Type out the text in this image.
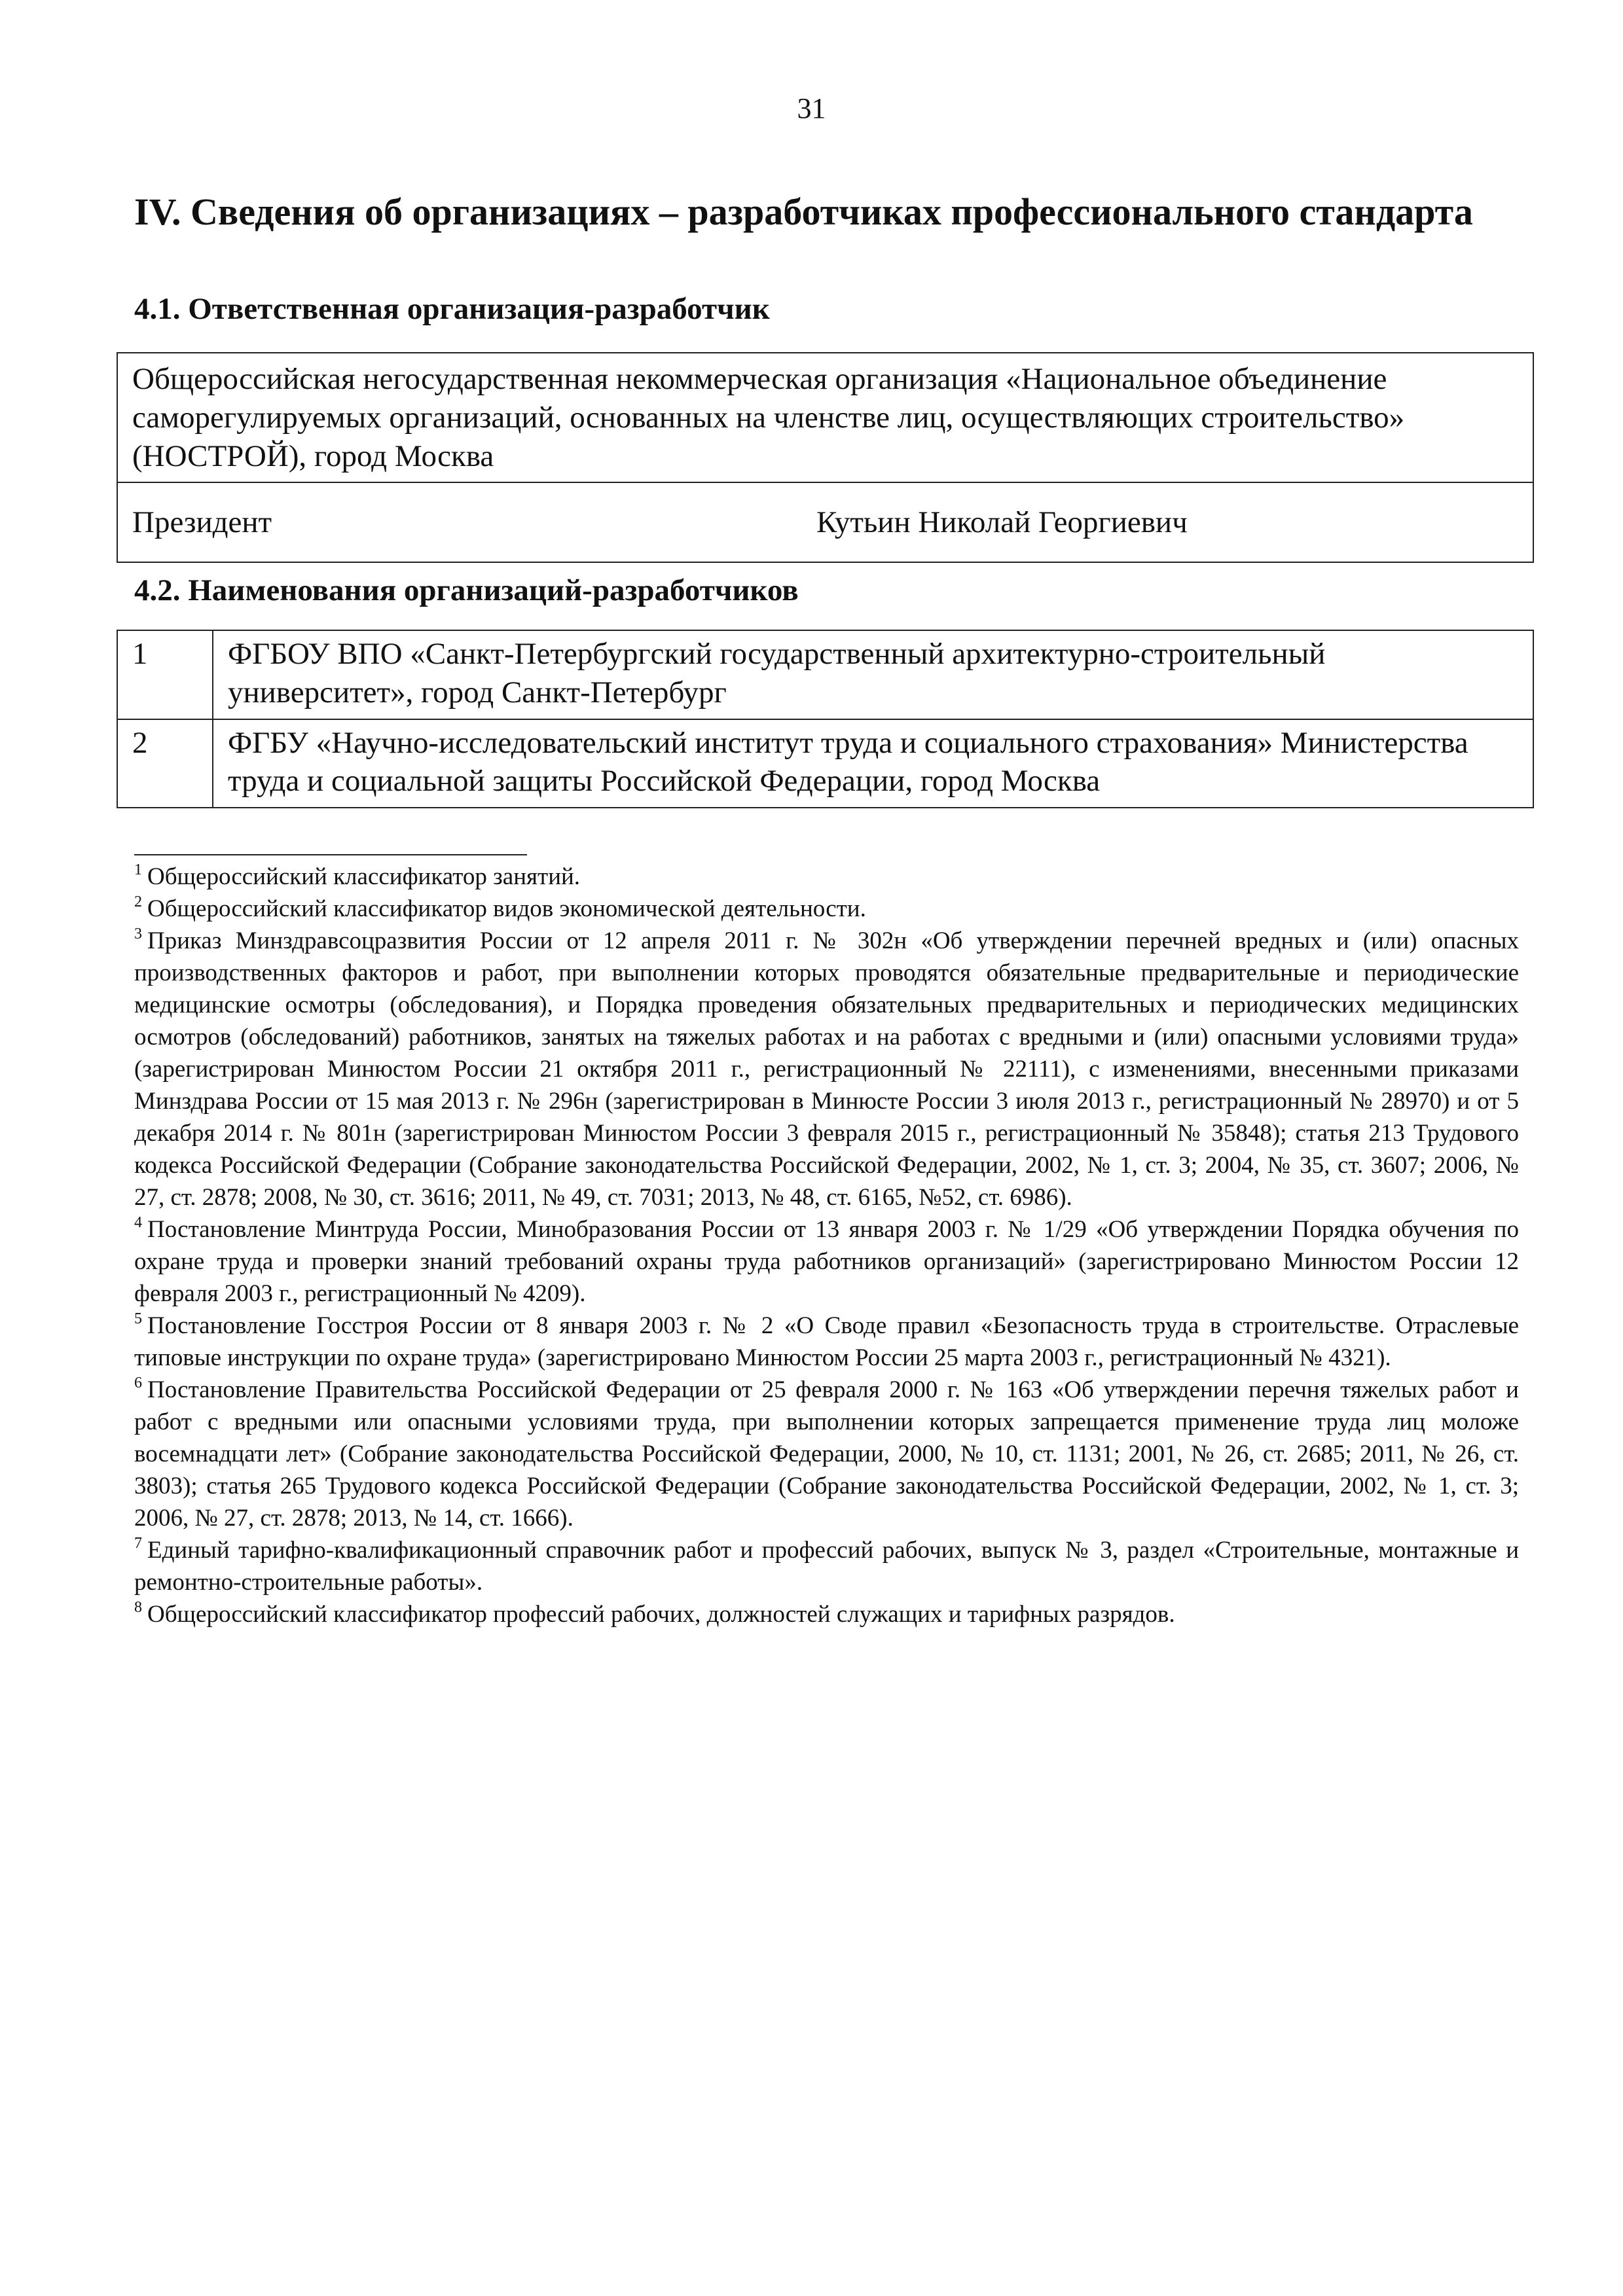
31
IV. Сведения об организациях – разработчиках профессионального стандарта
4.1. Ответственная организация-разработчик
Общероссийская негосударственная некоммерческая организация «Национальное объединение саморегулируемых организаций, основанных на членстве лиц, осуществляющих строительство» (НОСТРОЙ), город Москва

Президент	Кутьин Николай Георгиевич
4.2. Наименования организаций-разработчиков
1	ФГБОУ ВПО «Санкт-Петербургский государственный архитектурно-строительный университет», город Санкт-Петербург
2	ФГБУ «Научно-исследовательский институт труда и социального страхования» Министерства труда и социальной защиты Российской Федерации, город Москва

$^1$ Общероссийский классификатор занятий.

$^2$ Общероссийский классификатор видов экономической деятельности.

$^3$ Приказ Минздравсоцразвития России от 12 апреля 2011 г. № 302н «Об утверждении перечней вредных и (или) опасных производственных факторов и работ, при выполнении которых проводятся обязательные предварительные и периодические медицинские осмотры (обследования), и Порядка проведения обязательных предварительных и периодических медицинских осмотров (обследований) работников, занятых на тяжелых работах и на работах с вредными и (или) опасными условиями труда» (зарегистрирован Минюстом России 21 октября 2011 г., регистрационный № 22111), с изменениями, внесенными приказами Минздрава России от 15 мая 2013 г. № 296н (зарегистрирован в Минюсте России 3 июля 2013 г., регистрационный № 28970) и от 5 декабря 2014 г. № 801н (зарегистрирован Минюстом России 3 февраля 2015 г., регистрационный № 35848); статья 213 Трудового кодекса Российской Федерации (Собрание законодательства Российской Федерации, 2002, № 1, ст. 3; 2004, № 35, ст. 3607; 2006, № 27, ст. 2878; 2008, № 30, ст. 3616; 2011, № 49, ст. 7031; 2013, № 48, ст. 6165, №52, ст. 6986).

$^4$ Постановление Минтруда России, Минобразования России от 13 января 2003 г. № 1/29 «Об утверждении Порядка обучения по охране труда и проверки знаний требований охраны труда работников организаций» (зарегистрировано Минюстом России 12 февраля 2003 г., регистрационный № 4209).

$^5$ Постановление Госстроя России от 8 января 2003 г. № 2 «О Своде правил «Безопасность труда в строительстве. Отраслевые типовые инструкции по охране труда» (зарегистрировано Минюстом России 25 марта 2003 г., регистрационный № 4321).

$^6$ Постановление Правительства Российской Федерации от 25 февраля 2000 г. № 163 «Об утверждении перечня тяжелых работ и работ с вредными или опасными условиями труда, при выполнении которых запрещается применение труда лиц моложе восемнадцати лет» (Собрание законодательства Российской Федерации, 2000, № 10, ст. 1131; 2001, № 26, ст. 2685; 2011, № 26, ст. 3803); статья 265 Трудового кодекса Российской Федерации (Собрание законодательства Российской Федерации, 2002, № 1, ст. 3; 2006, № 27, ст. 2878; 2013, № 14, ст. 1666).

$^7$ Единый тарифно-квалификационный справочник работ и профессий рабочих, выпуск № 3, раздел «Строительные, монтажные и ремонтно-строительные работы».

$^8$ Общероссийский классификатор профессий рабочих, должностей служащих и тарифных разрядов.
